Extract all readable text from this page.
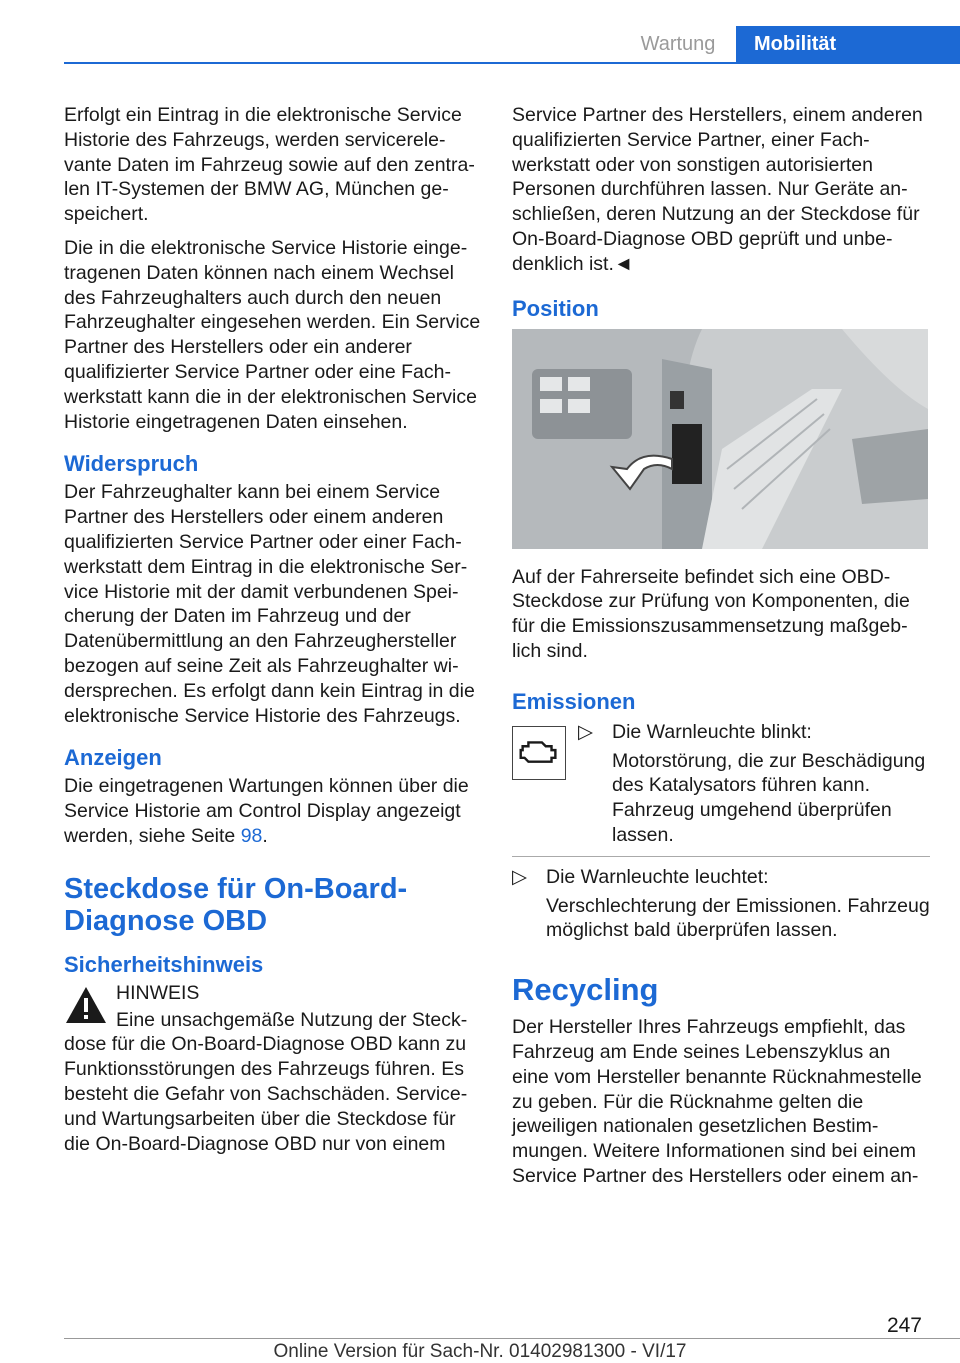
Wartung	Mobilität

Erfolgt ein Eintrag in die elektronische Service Historie des Fahrzeugs, werden servicerelevante Daten im Fahrzeug sowie auf den zentralen IT-Systemen der BMW AG, München gespeichert.

Die in die elektronische Service Historie eingetragenen Daten können nach einem Wechsel des Fahrzeughalters auch durch den neuen Fahrzeughalter eingesehen werden. Ein Service Partner des Herstellers oder ein anderer qualifizierter Service Partner oder eine Fachwerkstatt kann die in der elektronischen Service Historie eingetragenen Daten einsehen.

Widerspruch

Der Fahrzeughalter kann bei einem Service Partner des Herstellers oder einem anderen qualifizierten Service Partner oder einer Fachwerkstatt dem Eintrag in die elektronische Service Historie mit der damit verbundenen Speicherung der Daten im Fahrzeug und der Datenübermittlung an den Fahrzeughersteller bezogen auf seine Zeit als Fahrzeughalter widersprechen. Es erfolgt dann kein Eintrag in die elektronische Service Historie des Fahrzeugs.

Anzeigen

Die eingetragenen Wartungen können über die Service Historie am Control Display angezeigt werden, siehe Seite 98.

Steckdose für On-Board-Diagnose OBD
Sicherheitshinweis
HINWEIS

Eine unsachgemäße Nutzung der Steckdose für die On-Board-Diagnose OBD kann zu Funktionsstörungen des Fahrzeugs führen. Es besteht die Gefahr von Sachschäden. Service- und Wartungsarbeiten über die Steckdose für die On-Board-Diagnose OBD nur von einem

Service Partner des Herstellers, einem anderen qualifizierten Service Partner, einer Fachwerkstatt oder von sonstigen autorisierten Personen durchführen lassen. Nur Geräte anschließen, deren Nutzung an der Steckdose für On-Board-Diagnose OBD geprüft und unbedenklich ist.◄

Position

Auf der Fahrerseite befindet sich eine OBD-Steckdose zur Prüfung von Komponenten, die für die Emissionszusammensetzung maßgeblich sind.

Emissionen
▷ Die Warnleuchte blinkt:
Motorstörung, die zur Beschädigung des Katalysators führen kann. Fahrzeug umgehend überprüfen lassen.
▷ Die Warnleuchte leuchtet:
Verschlechterung der Emissionen. Fahrzeug möglichst bald überprüfen lassen.
Recycling

Der Hersteller Ihres Fahrzeugs empfiehlt, das Fahrzeug am Ende seines Lebenszyklus an eine vom Hersteller benannte Rücknahmestelle zu geben. Für die Rücknahme gelten die jeweiligen nationalen gesetzlichen Bestimmungen. Weitere Informationen sind bei einem Service Partner des Herstellers oder einem an-

247
Online Version für Sach-Nr. 01402981300 - VI/17
